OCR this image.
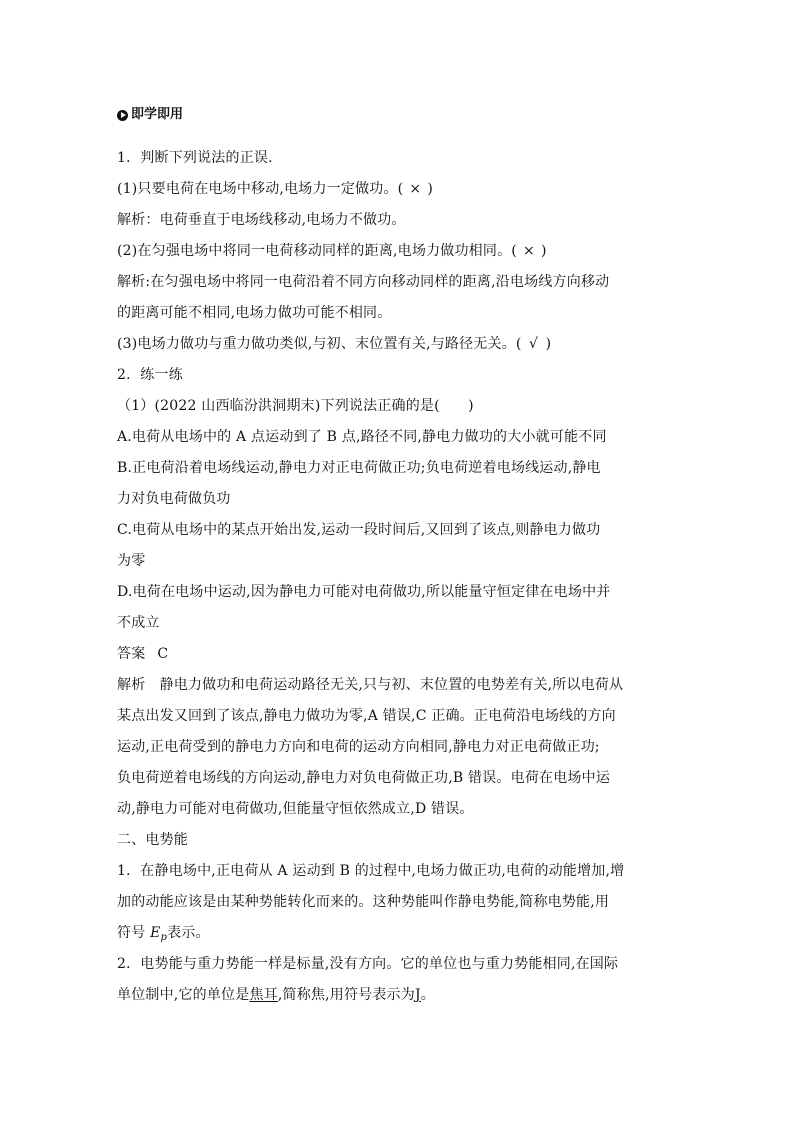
即学即用
1．判断下列说法的正误.
(1)只要电荷在电场中移动,电场力一定做功。( × )
解析：电荷垂直于电场线移动,电场力不做功。
(2)在匀强电场中将同一电荷移动同样的距离,电场力做功相同。( × )
解析:在匀强电场中将同一电荷沿着不同方向移动同样的距离,沿电场线方向移动
的距离可能不相同,电场力做功可能不相同。
(3)电场力做功与重力做功类似,与初、末位置有关,与路径无关。( √ )
2．练一练
（1）(2022 山西临汾洪洞期末)下列说法正确的是(　　)
A.电荷从电场中的 A 点运动到了 B 点,路径不同,静电力做功的大小就可能不同
B.正电荷沿着电场线运动,静电力对正电荷做正功;负电荷逆着电场线运动,静电
力对负电荷做负功
C.电荷从电场中的某点开始出发,运动一段时间后,又回到了该点,则静电力做功
为零
D.电荷在电场中运动,因为静电力可能对电荷做功,所以能量守恒定律在电场中并
不成立
答案 C
解析　静电力做功和电荷运动路径无关,只与初、末位置的电势差有关,所以电荷从
某点出发又回到了该点,静电力做功为零,A 错误,C 正确。正电荷沿电场线的方向
运动,正电荷受到的静电力方向和电荷的运动方向相同,静电力对正电荷做正功;
负电荷逆着电场线的方向运动,静电力对负电荷做正功,B 错误。电荷在电场中运
动,静电力可能对电荷做功,但能量守恒依然成立,D 错误。
二、电势能
1．在静电场中,正电荷从 A 运动到 B 的过程中,电场力做正功,电荷的动能增加,增
加的动能应该是由某种势能转化而来的。这种势能叫作静电势能,简称电势能,用
符号 $E_p$表示。
2．电势能与重力势能一样是标量,没有方向。它的单位也与重力势能相同,在国际
单位制中,它的单位是焦耳,简称焦,用符号表示为J。
